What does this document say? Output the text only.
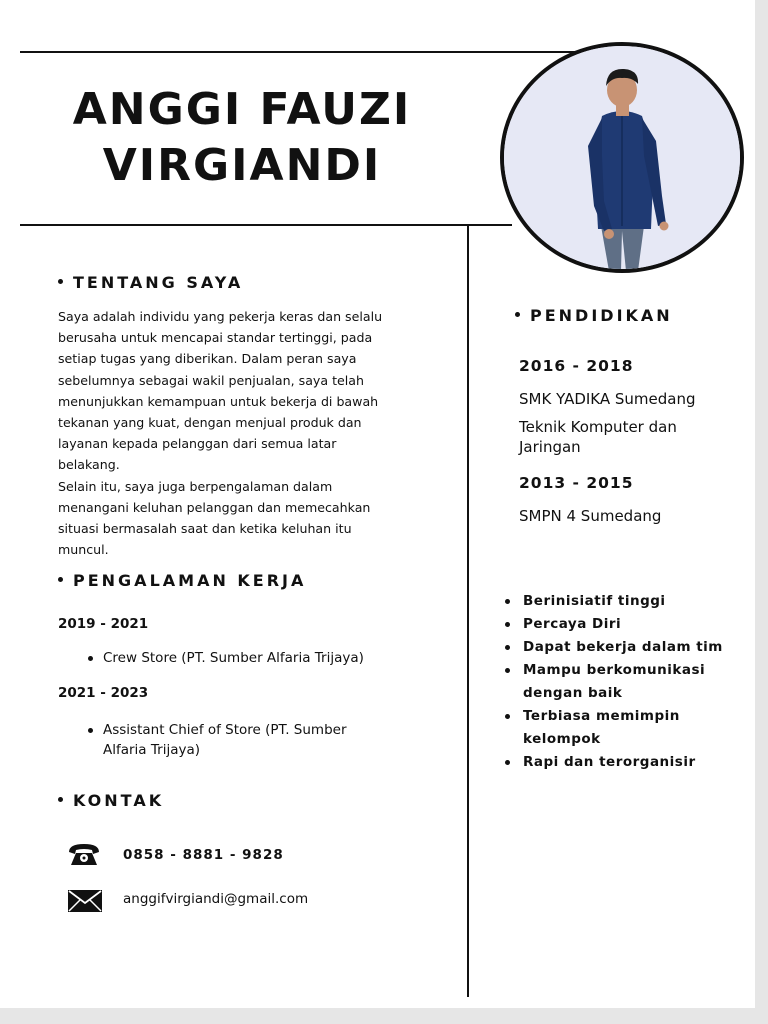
ANGGI FAUZI
VIRGIANDI
TENTANG SAYA

Saya adalah individu yang pekerja keras dan selalu
berusaha untuk mencapai standar tertinggi, pada
setiap tugas yang diberikan. Dalam peran saya
sebelumnya sebagai wakil penjualan, saya telah
menunjukkan kemampuan untuk bekerja di bawah
tekanan yang kuat, dengan menjual produk dan
layanan kepada pelanggan dari semua latar
belakang.
Selain itu, saya juga berpengalaman dalam
menangani keluhan pelanggan dan memecahkan
situasi bermasalah saat dan ketika keluhan itu
muncul.

PENGALAMAN KERJA

2019 - 2021

Crew Store (PT. Sumber Alfaria Trijaya)

2021 - 2023

Assistant Chief of Store (PT. Sumber
Alfaria Trijaya)

KONTAK
0858 - 8881 - 9828
anggifvirgiandi@gmail.com
PENDIDIKAN

2016 - 2018

SMK YADIKA Sumedang

Teknik Komputer dan
Jaringan

2013 - 2015

SMPN 4 Sumedang

Berinisiatif tinggi
Percaya Diri
Dapat bekerja dalam tim
Mampu berkomunikasi
dengan baik
Terbiasa memimpin
kelompok
Rapi dan terorganisir
